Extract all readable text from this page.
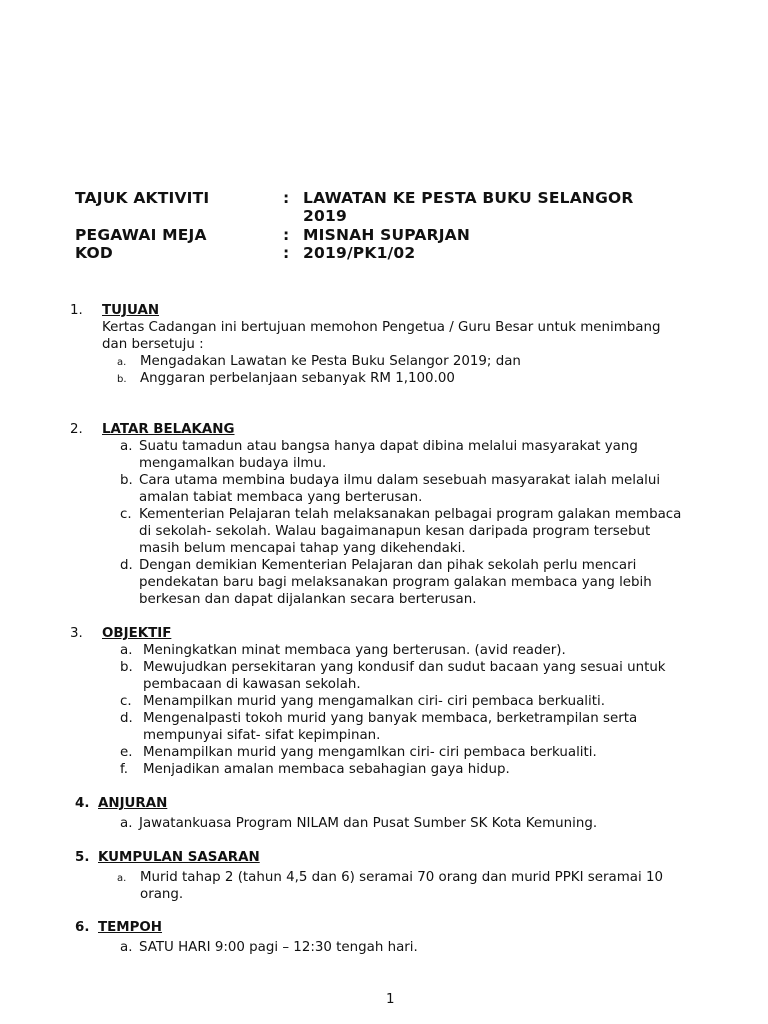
TAJUK AKTIVITI	: LAWATAN KE PESTA BUKU SELANGOR
2019
PEGAWAI MEJA	: MISNAH SUPARJAN
KOD	: 2019/PK1/02
1. TUJUAN
Kertas Cadangan ini bertujuan memohon Pengetua / Guru Besar untuk menimbang
dan bersetuju :
a. Mengadakan Lawatan ke Pesta Buku Selangor 2019; dan
b. Anggaran perbelanjaan sebanyak RM 1,100.00
2. LATAR BELAKANG
a. Suatu tamadun atau bangsa hanya dapat dibina melalui masyarakat yang
mengamalkan budaya ilmu.
b. Cara utama membina budaya ilmu dalam sesebuah masyarakat ialah melalui
amalan tabiat membaca yang berterusan.
c. Kementerian Pelajaran telah melaksanakan pelbagai program galakan membaca
di sekolah- sekolah. Walau bagaimanapun kesan daripada program tersebut
masih belum mencapai tahap yang dikehendaki.
d. Dengan demikian Kementerian Pelajaran dan pihak sekolah perlu mencari
pendekatan baru bagi melaksanakan program galakan membaca yang lebih
berkesan dan dapat dijalankan secara berterusan.
3. OBJEKTIF
a. Meningkatkan minat membaca yang berterusan. (avid reader).
b. Mewujudkan persekitaran yang kondusif dan sudut bacaan yang sesuai untuk
pembacaan di kawasan sekolah.
c. Menampilkan murid yang mengamalkan ciri- ciri pembaca berkualiti.
d. Mengenalpasti tokoh murid yang banyak membaca, berketrampilan serta
mempunyai sifat- sifat kepimpinan.
e. Menampilkan murid yang mengamlkan ciri- ciri pembaca berkualiti.
f. Menjadikan amalan membaca sebahagian gaya hidup.
4. ANJURAN
a. Jawatankuasa Program NILAM dan Pusat Sumber SK Kota Kemuning.
5. KUMPULAN SASARAN
a. Murid tahap 2 (tahun 4,5 dan 6) seramai 70 orang dan murid PPKI seramai 10
orang.
6. TEMPOH
a. SATU HARI 9:00 pagi – 12:30 tengah hari.
1
